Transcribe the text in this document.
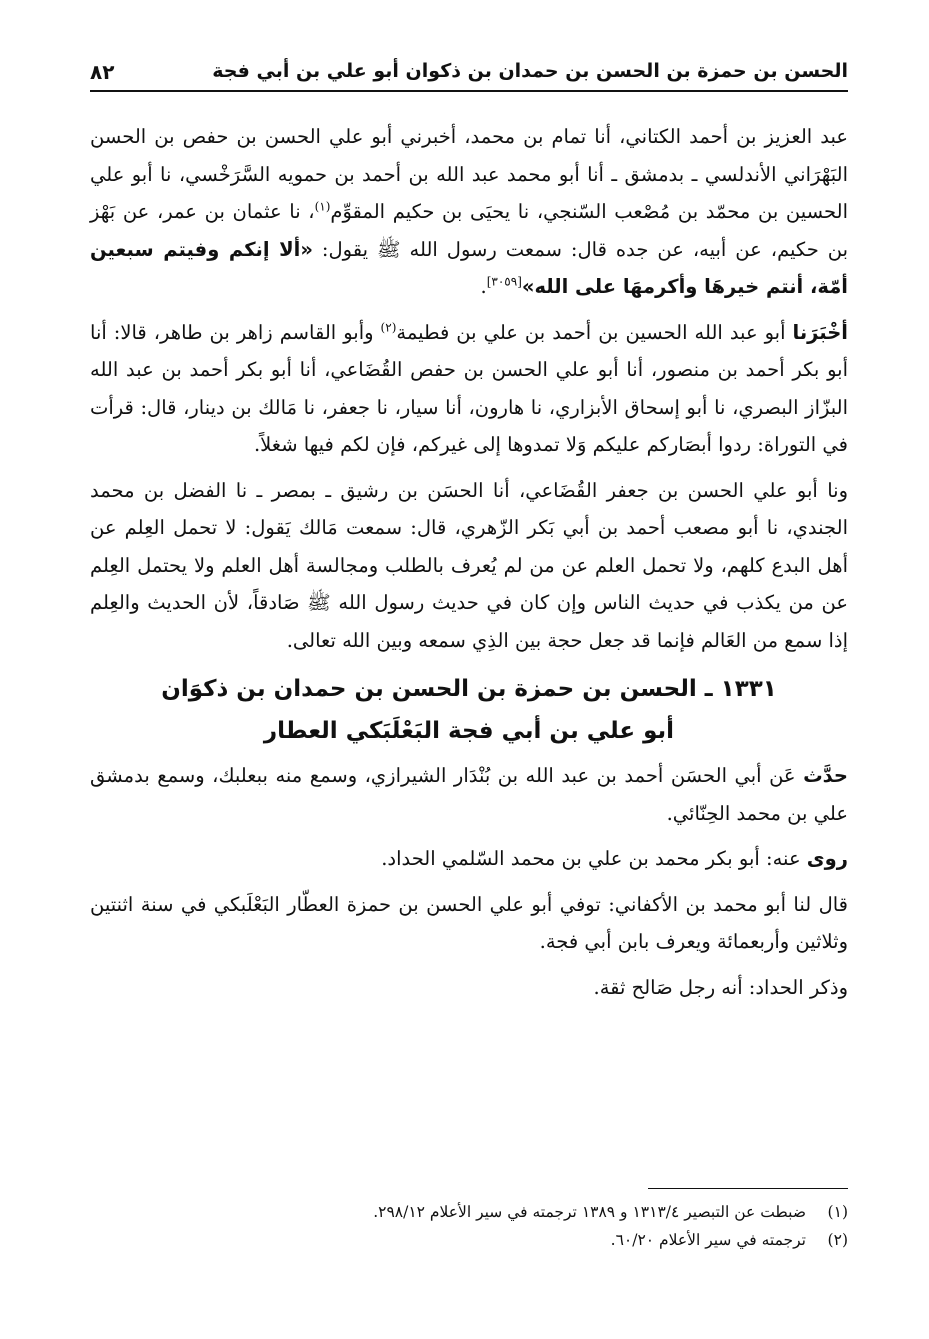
الحسن بن حمزة بن الحسن بن حمدان بن ذكوان أبو علي بن أبي فجة
٨٢

عبد العزيز بن أحمد الكتاني، أنا تمام بن محمد، أخبرني أبو علي الحسن بن حفص بن الحسن البَهْرَاني الأندلسي ـ بدمشق ـ أنا أبو محمد عبد الله بن أحمد بن حمويه السَّرَخْسي، نا أبو علي الحسين بن محمّد بن مُصْعب السّنجي، نا يحيَى بن حكيم المقوِّم$^{(١)}$، نا عثمان بن عمر، عن بَهْز بن حكيم، عن أبيه، عن جده قال: سمعت رسول الله ﷺ يقول: «ألا إنكم وفيتم سبعين أمّة، أنتم خيرهَا وأكرمهَا على الله»[٣٠٥٩].

أخْبَرَنا أبو عبد الله الحسين بن أحمد بن علي بن فطيمة$^{(٢)}$ وأبو القاسم زاهر بن طاهر، قالا: أنا أبو بكر أحمد بن منصور، أنا أبو علي الحسن بن حفص القُضَاعي، أنا أبو بكر أحمد بن عبد الله البزّاز البصري، نا أبو إسحاق الأبزاري، نا هارون، أنا سيار، نا جعفر، نا مَالك بن دينار، قال: قرأت في التوراة: ردوا أبصَاركم عليكم وَلا تمدوها إلى غيركم، فإن لكم فيها شغلاً.

ونا أبو علي الحسن بن جعفر القُضَاعي، أنا الحسَن بن رشيق ـ بمصر ـ نا الفضل بن محمد الجندي، نا أبو مصعب أحمد بن أبي بَكر الزّهري، قال: سمعت مَالك يَقول: لا تحمل العِلم عن أهل البدع كلهم، ولا تحمل العلم عن من لم يُعرف بالطلب ومجالسة أهل العلم ولا يحتمل العِلم عن من يكذب في حديث الناس وإن كان في حديث رسول الله ﷺ صَادقاً، لأن الحديث والعِلم إذا سمع من العَالم فإنما قد جعل حجة بين الذِي سمعه وبين الله تعالى.

١٣٣١ ـ الحسن بن حمزة بن الحسن بن حمدان بن ذكوَان
أبو علي بن أبي فجة البَعْلَبَكي العطار

حدَّث عَن أبي الحسَن أحمد بن عبد الله بن بُنْدَار الشيرازي، وسمع منه ببعلبك، وسمع بدمشق علي بن محمد الحِنّائي.

روى عنه: أبو بكر محمد بن علي بن محمد السّلمي الحداد.

قال لنا أبو محمد بن الأكفاني: توفي أبو علي الحسن بن حمزة العطّار البَعْلَبكي في سنة اثنتين وثلاثين وأربعمائة ويعرف بابن أبي فجة.

وذكر الحداد: أنه رجل صَالح ثقة.

(١)ضبطت عن التبصير ١٣١٣/٤ و ١٣٨٩ ترجمته في سير الأعلام ٢٩٨/١٢.
(٢)ترجمته في سير الأعلام ٦٠/٢٠.
